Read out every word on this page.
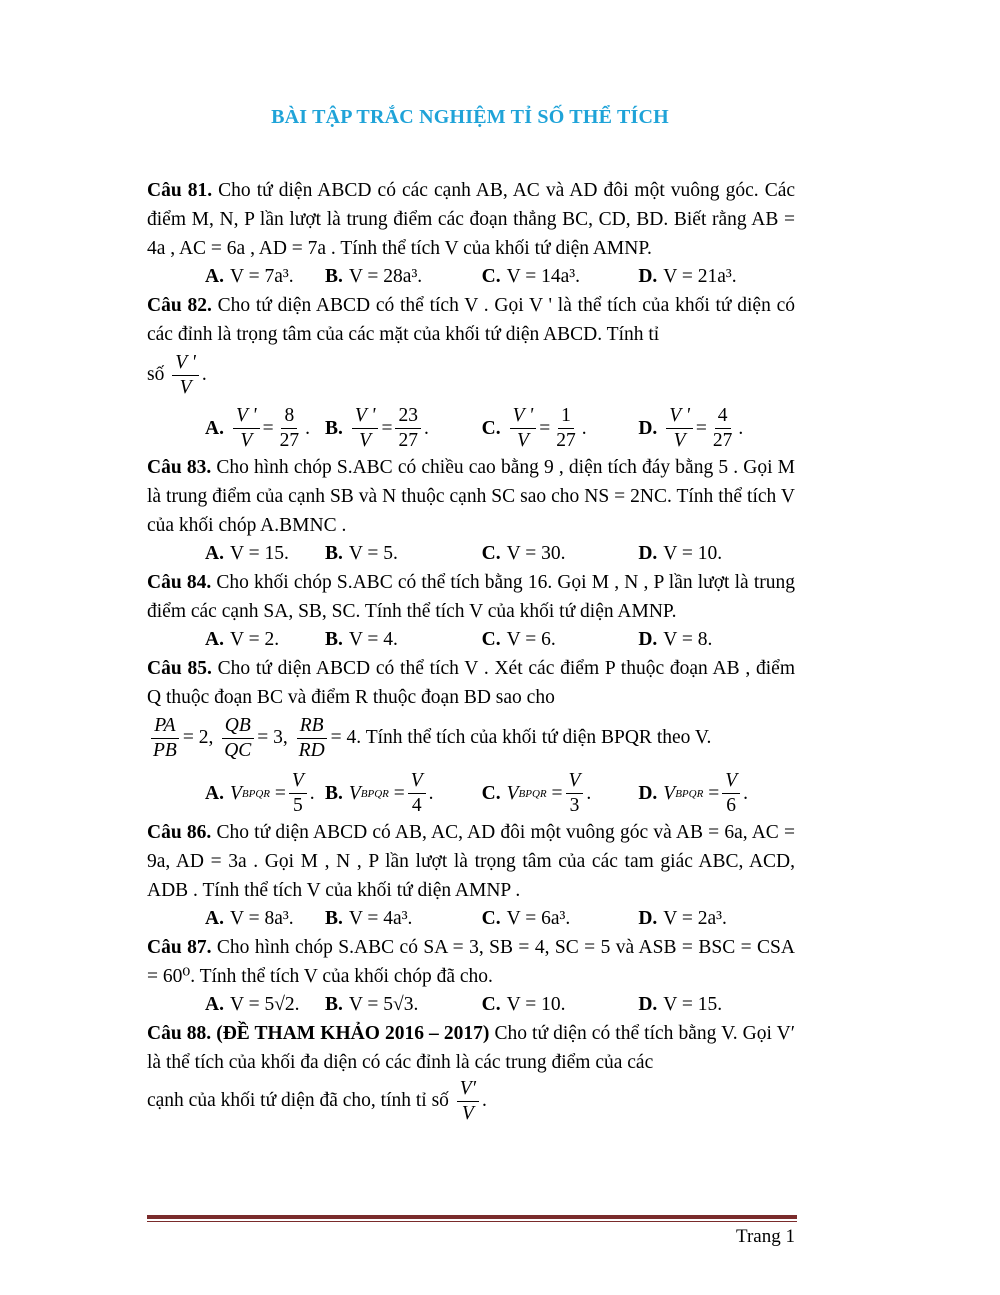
BÀI TẬP TRẮC NGHIỆM TỈ SỐ THỂ TÍCH

Câu 81. Cho tứ diện ABCD có các cạnh AB, AC và AD đôi một vuông góc. Các điểm M, N, P lần lượt là trung điểm các đoạn thẳng BC, CD, BD. Biết rằng AB = 4a , AC = 6a , AD = 7a . Tính thể tích V của khối tứ diện AMNP.

A. V = 7a³. B. V = 28a³.	C. V = 14a³.	D. V = 21a³.

Câu 82. Cho tứ diện ABCD có thể tích V . Gọi V ' là thể tích của khối tứ diện có các đỉnh là trọng tâm của các mặt của khối tứ diện ABCD. Tính tỉ

số $\frac{V '}{V}$ .

A. $\frac{V '}{V} = \frac{8}{27}$ . B. $\frac{V '}{V} = \frac{23}{27}$ .	C. $\frac{V '}{V} = \frac{1}{27}$ .	D. $\frac{V '}{V} = \frac{4}{27}$ .

Câu 83. Cho hình chóp S.ABC có chiều cao bằng 9 , diện tích đáy bằng 5 . Gọi M là trung điểm của cạnh SB và N thuộc cạnh SC sao cho NS = 2NC. Tính thể tích V của khối chóp A.BMNC .

A. V = 15. B. V = 5.	C. V = 30.	D. V = 10.

Câu 84. Cho khối chóp S.ABC có thể tích bằng 16. Gọi M , N , P lần lượt là trung điểm các cạnh SA, SB, SC. Tính thể tích V của khối tứ diện AMNP.

A. V = 2. B. V = 4.	C. V = 6.	D. V = 8.

Câu 85. Cho tứ diện ABCD có thể tích V . Xét các điểm P thuộc đoạn AB , điểm Q thuộc đoạn BC và điểm R thuộc đoạn BD sao cho

$\frac{PA}{PB} = 2$, $\frac{QB}{QC} = 3$, $\frac{RB}{RD} = 4$. Tính thể tích của khối tứ diện BPQR theo V.

A. V BPQR = $\frac{V}{5}$ . B. V BPQR = $\frac{V}{4}$ .	C. V BPQR = $\frac{V}{3}$ .	D. V BPQR = $\frac{V}{6}$ .

Câu 86. Cho tứ diện ABCD có AB, AC, AD đôi một vuông góc và AB = 6a, AC = 9a, AD = 3a . Gọi M , N , P lần lượt là trọng tâm của các tam giác ABC, ACD, ADB . Tính thể tích V của khối tứ diện AMNP .

A. V = 8a³. B. V = 4a³.	C. V = 6a³.	D. V = 2a³.

Câu 87. Cho hình chóp S.ABC có SA = 3, SB = 4, SC = 5 và ASB = BSC = CSA = 60⁰. Tính thể tích V của khối chóp đã cho.

A. V = 5√2. B. V = 5√3.	C. V = 10.	D. V = 15.

Câu 88. (ĐỀ THAM KHẢO 2016 – 2017) Cho tứ diện có thể tích bằng V. Gọi V′ là thể tích của khối đa diện có các đỉnh là các trung điểm của các

cạnh của khối tứ diện đã cho, tính tỉ số $\frac{V'}{V}$ .

Trang 1
